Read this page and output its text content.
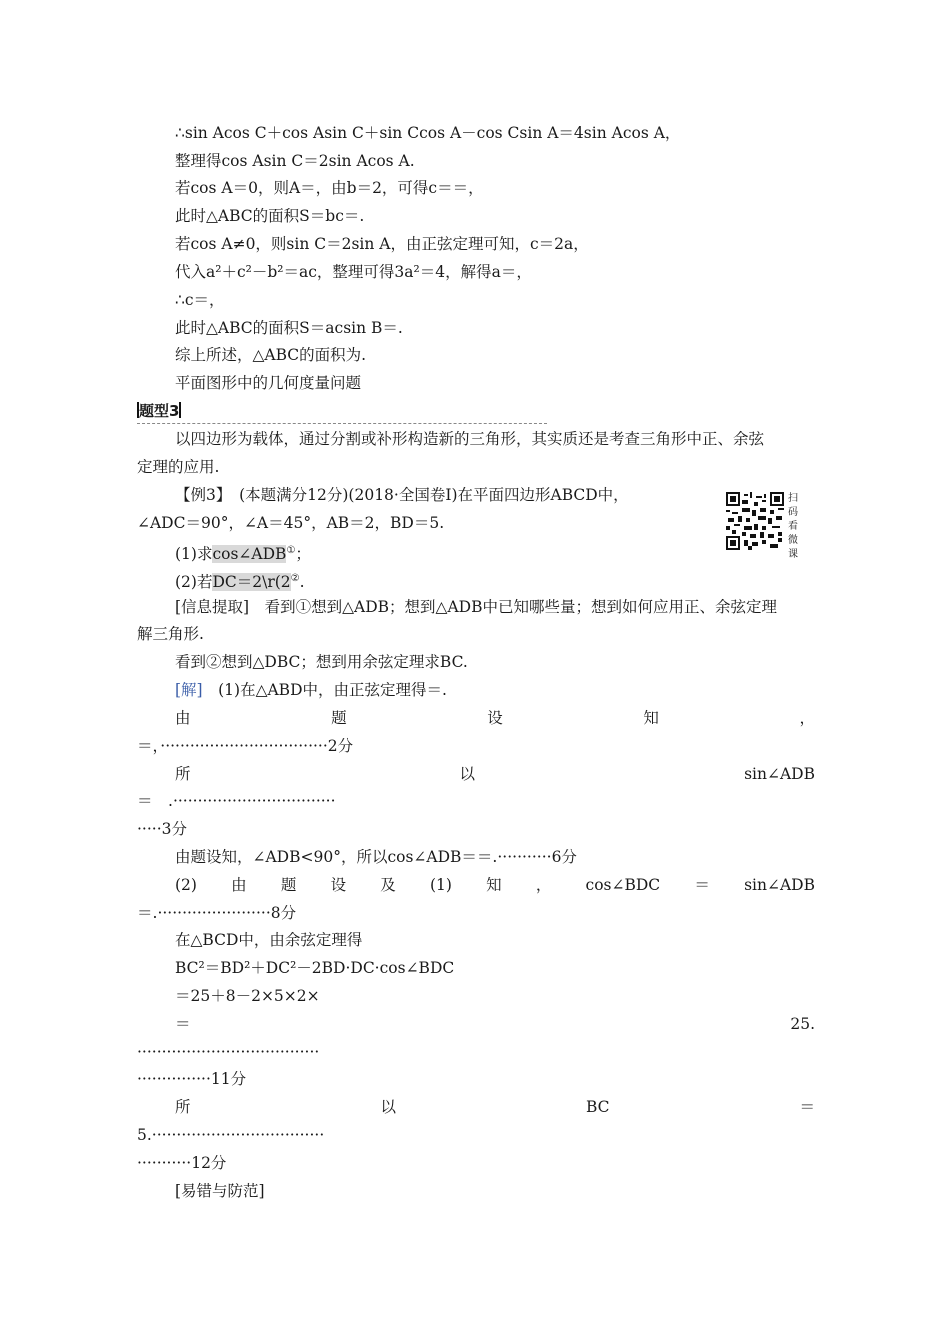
∴sin Acos C＋cos Asin C＋sin Ccos A－cos Csin A＝4sin Acos A，
整理得cos Asin C＝2sin Acos A.
若cos A＝0，则A＝，由b＝2，可得c＝＝，
此时△ABC的面积S＝bc＝.
若cos A≠0，则sin C＝2sin A，由正弦定理可知，c＝2a，
代入a²＋c²－b²＝ac，整理可得3a²＝4，解得a＝，
∴c＝，
此时△ABC的面积S＝acsin B＝.
综上所述，△ABC的面积为.
平面图形中的几何度量问题
题型3
以四边形为载体，通过分割或补形构造新的三角形，其实质还是考查三角形中正、余弦
定理的应用.
【例3】　(本题满分12分)(2018·全国卷Ⅰ)在平面四边形ABCD中，
∠ADC＝90°，∠A＝45°，AB＝2，BD＝5.
扫码看微课
(1)求cos∠ADB①；
(2)若DC＝2\r(2②.
[信息提取]　看到①想到△ADB；想到△ADB中已知哪些量；想到如何应用正、余弦定理
解三角形.
看到②想到△DBC；想到用余弦定理求BC.
[解]　(1)在△ABD中，由正弦定理得＝.
由	题	设	知	，
＝，··································2分
所	以	sin∠ADB
＝　.·································
·····3分
由题设知，∠ADB<90°，所以cos∠ADB＝＝.···········6分
(2) 由 题 设 及 (1) 知 ， cos∠BDC ＝ sin∠ADB
＝.·······················8分
在△BCD中，由余弦定理得
BC²＝BD²＋DC²－2BD·DC·cos∠BDC
＝25＋8－2×5×2×
＝	25.
·····································
···············11分
所	以	BC	＝
5.···································
···········12分
[易错与防范]
